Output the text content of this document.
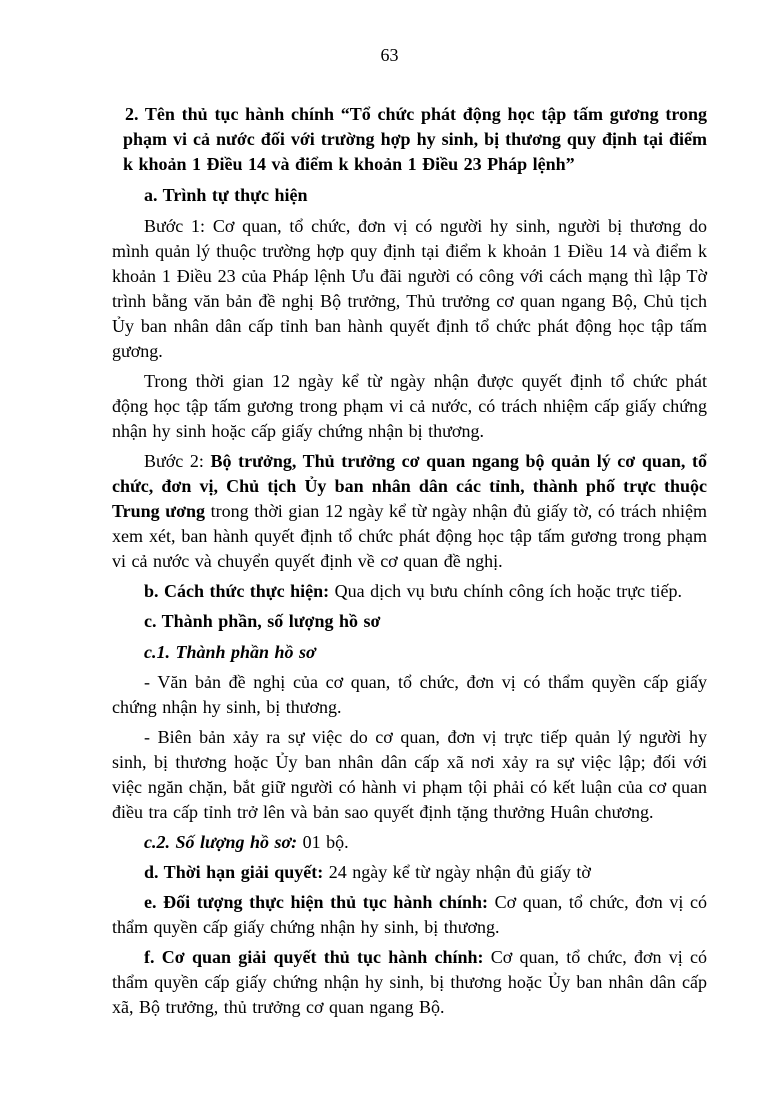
63

2. Tên thủ tục hành chính “Tổ chức phát động học tập tấm gương trong phạm vi cả nước đối với trường hợp hy sinh, bị thương quy định tại điểm k khoản 1 Điều 14 và điểm k khoản 1 Điều 23 Pháp lệnh”

a. Trình tự thực hiện

Bước 1: Cơ quan, tổ chức, đơn vị có người hy sinh, người bị thương do mình quản lý thuộc trường hợp quy định tại điểm k khoản 1 Điều 14 và điểm k khoản 1 Điều 23 của Pháp lệnh Ưu đãi người có công với cách mạng thì lập Tờ trình bằng văn bản đề nghị Bộ trưởng, Thủ trưởng cơ quan ngang Bộ, Chủ tịch Ủy ban nhân dân cấp tỉnh ban hành quyết định tổ chức phát động học tập tấm gương.

Trong thời gian 12 ngày kể từ ngày nhận được quyết định tổ chức phát động học tập tấm gương trong phạm vi cả nước, có trách nhiệm cấp giấy chứng nhận hy sinh hoặc cấp giấy chứng nhận bị thương.

Bước 2: Bộ trưởng, Thủ trưởng cơ quan ngang bộ quản lý cơ quan, tổ chức, đơn vị, Chủ tịch Ủy ban nhân dân các tỉnh, thành phố trực thuộc Trung ương trong thời gian 12 ngày kể từ ngày nhận đủ giấy tờ, có trách nhiệm xem xét, ban hành quyết định tổ chức phát động học tập tấm gương trong phạm vi cả nước và chuyển quyết định về cơ quan đề nghị.

b. Cách thức thực hiện: Qua dịch vụ bưu chính công ích hoặc trực tiếp.

c. Thành phần, số lượng hồ sơ

c.1. Thành phần hồ sơ

- Văn bản đề nghị của cơ quan, tổ chức, đơn vị có thẩm quyền cấp giấy chứng nhận hy sinh, bị thương.

- Biên bản xảy ra sự việc do cơ quan, đơn vị trực tiếp quản lý người hy sinh, bị thương hoặc Ủy ban nhân dân cấp xã nơi xảy ra sự việc lập; đối với việc ngăn chặn, bắt giữ người có hành vi phạm tội phải có kết luận của cơ quan điều tra cấp tỉnh trở lên và bản sao quyết định tặng thưởng Huân chương.

c.2. Số lượng hồ sơ: 01 bộ.

d. Thời hạn giải quyết: 24 ngày kể từ ngày nhận đủ giấy tờ

e. Đối tượng thực hiện thủ tục hành chính: Cơ quan, tổ chức, đơn vị có thẩm quyền cấp giấy chứng nhận hy sinh, bị thương.

f. Cơ quan giải quyết thủ tục hành chính: Cơ quan, tổ chức, đơn vị có thẩm quyền cấp giấy chứng nhận hy sinh, bị thương hoặc Ủy ban nhân dân cấp xã, Bộ trưởng, thủ trưởng cơ quan ngang Bộ.
